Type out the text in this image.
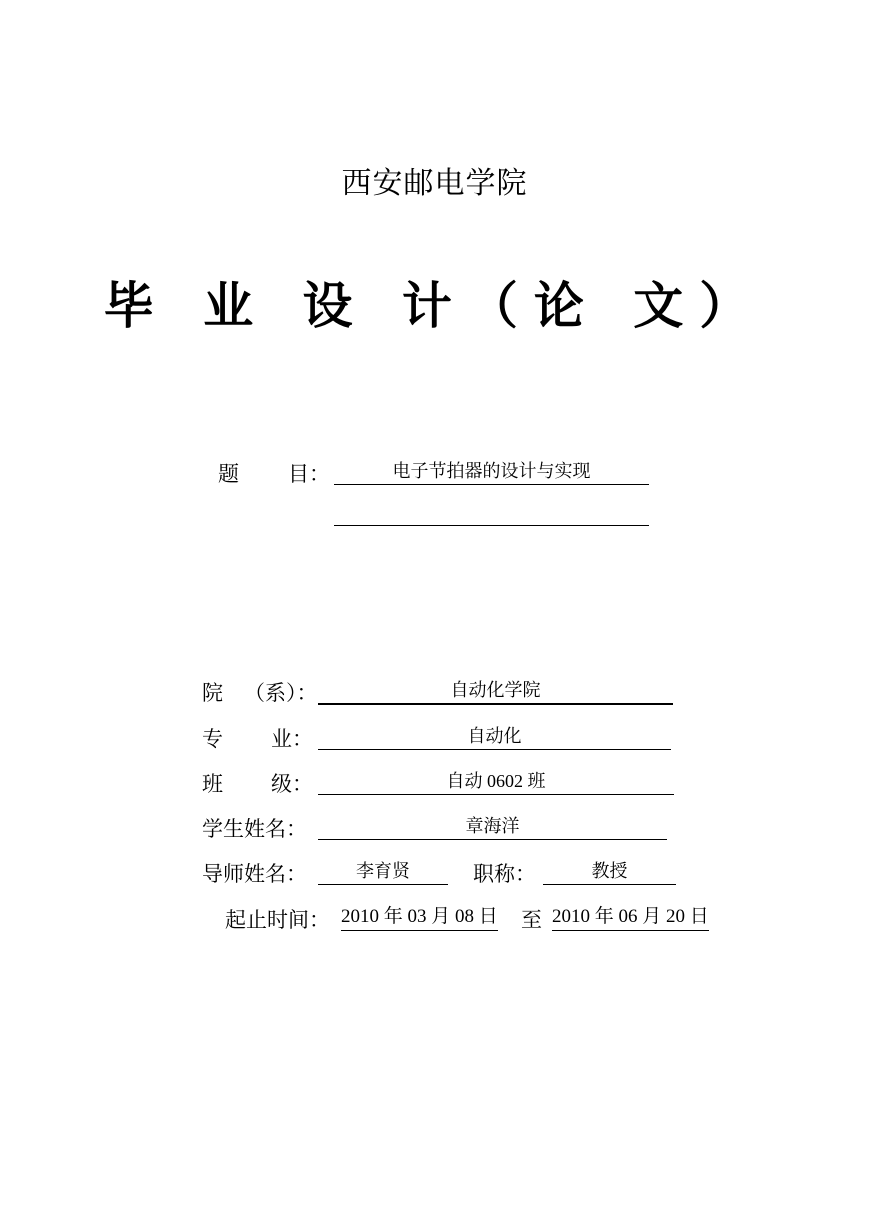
西安邮电学院
毕 业 设 计（论 文）
题 目：	电子节拍器的设计与实现
院 （系）：	自动化学院
专 业：	自动化
班 级：	自动 0602 班
学生姓名：	章海洋
导师姓名：	李育贤	职称：	教授
起止时间： 2010 年 03 月 08 日 至 2010 年 06 月 20 日
